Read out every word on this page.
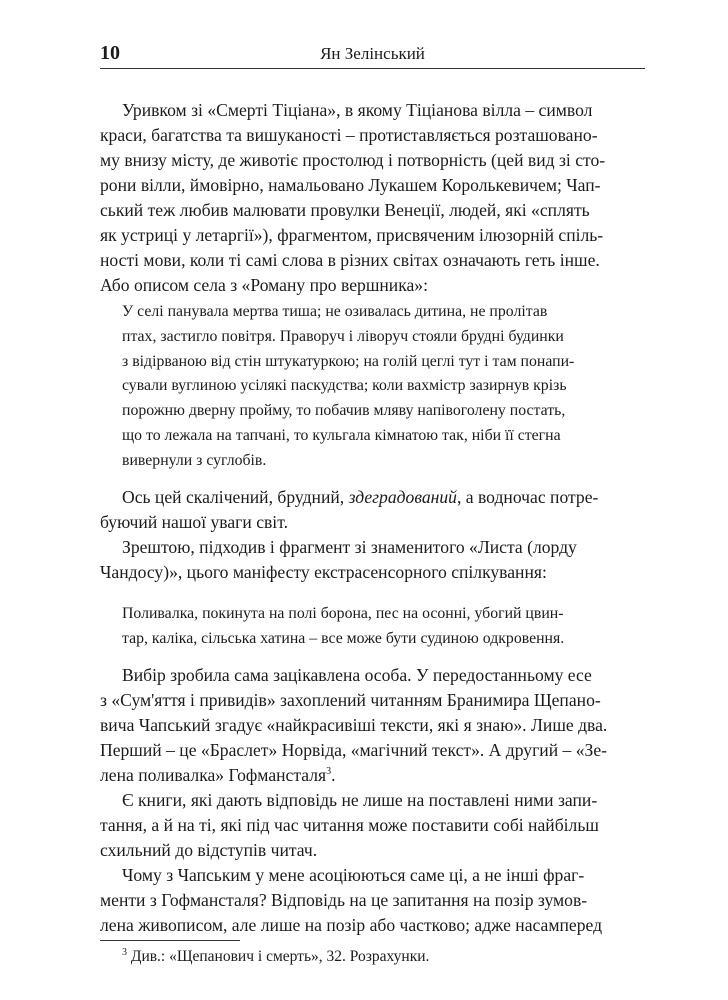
10	Ян Зелінський
Уривком зі «Смерті Тіціана», в якому Тіціанова вілла – символ
краси, багатства та вишуканості – протиставляється розташовано-
му внизу місту, де животіє простолюд і потворність (цей вид зі сто-
рони вілли, ймовірно, намальовано Лукашем Королькевичем; Чап-
ський теж любив малювати провулки Венеції, людей, які «сплять
як устриці у летаргії»), фрагментом, присвяченим ілюзорній спіль-
ності мови, коли ті самі слова в різних світах означають геть інше.
Або описом села з «Роману про вершника»:
У селі панувала мертва тиша; не озивалась дитина, не пролітав
птах, застигло повітря. Праворуч і ліворуч стояли брудні будинки
з відірваною від стін штукатуркою; на голій цеглі тут і там понапи-
сували вуглиною усілякі паскудства; коли вахмістр зазирнув крізь
порожню дверну пройму, то побачив мляву напівоголену постать,
що то лежала на тапчані, то кульгала кімнатою так, ніби її стегна
вивернули з суглобів.
Ось цей скалічений, брудний, здеградований, а водночас потре-
буючий нашої уваги світ.
Зрештою, підходив і фрагмент зі знаменитого «Листа (лорду
Чандосу)», цього маніфесту екстрасенсорного спілкування:
Поливалка, покинута на полі борона, пес на осонні, убогий цвин-
тар, каліка, сільська хатина – все може бути судиною одкровення.
Вибір зробила сама зацікавлена особа. У передостанньому есе
з «Сум'яття і привидів» захоплений читанням Бранимира Щепано-
вича Чапський згадує «найкрасивіші тексти, які я знаю». Лише два.
Перший – це «Браслет» Норвіда, «магічний текст». А другий – «Зе-
лена поливалка» Гофмансталя$^3$.
Є книги, які дають відповідь не лише на поставлені ними запи-
тання, а й на ті, які під час читання може поставити собі найбільш
схильний до відступів читач.
Чому з Чапським у мене асоціюються саме ці, а не інші фраг-
менти з Гофмансталя? Відповідь на це запитання на позір зумов-
лена живописом, але лише на позір або частково; адже насамперед
$^3$ Див.: «Щепанович і смерть», 32. Розрахунки.
